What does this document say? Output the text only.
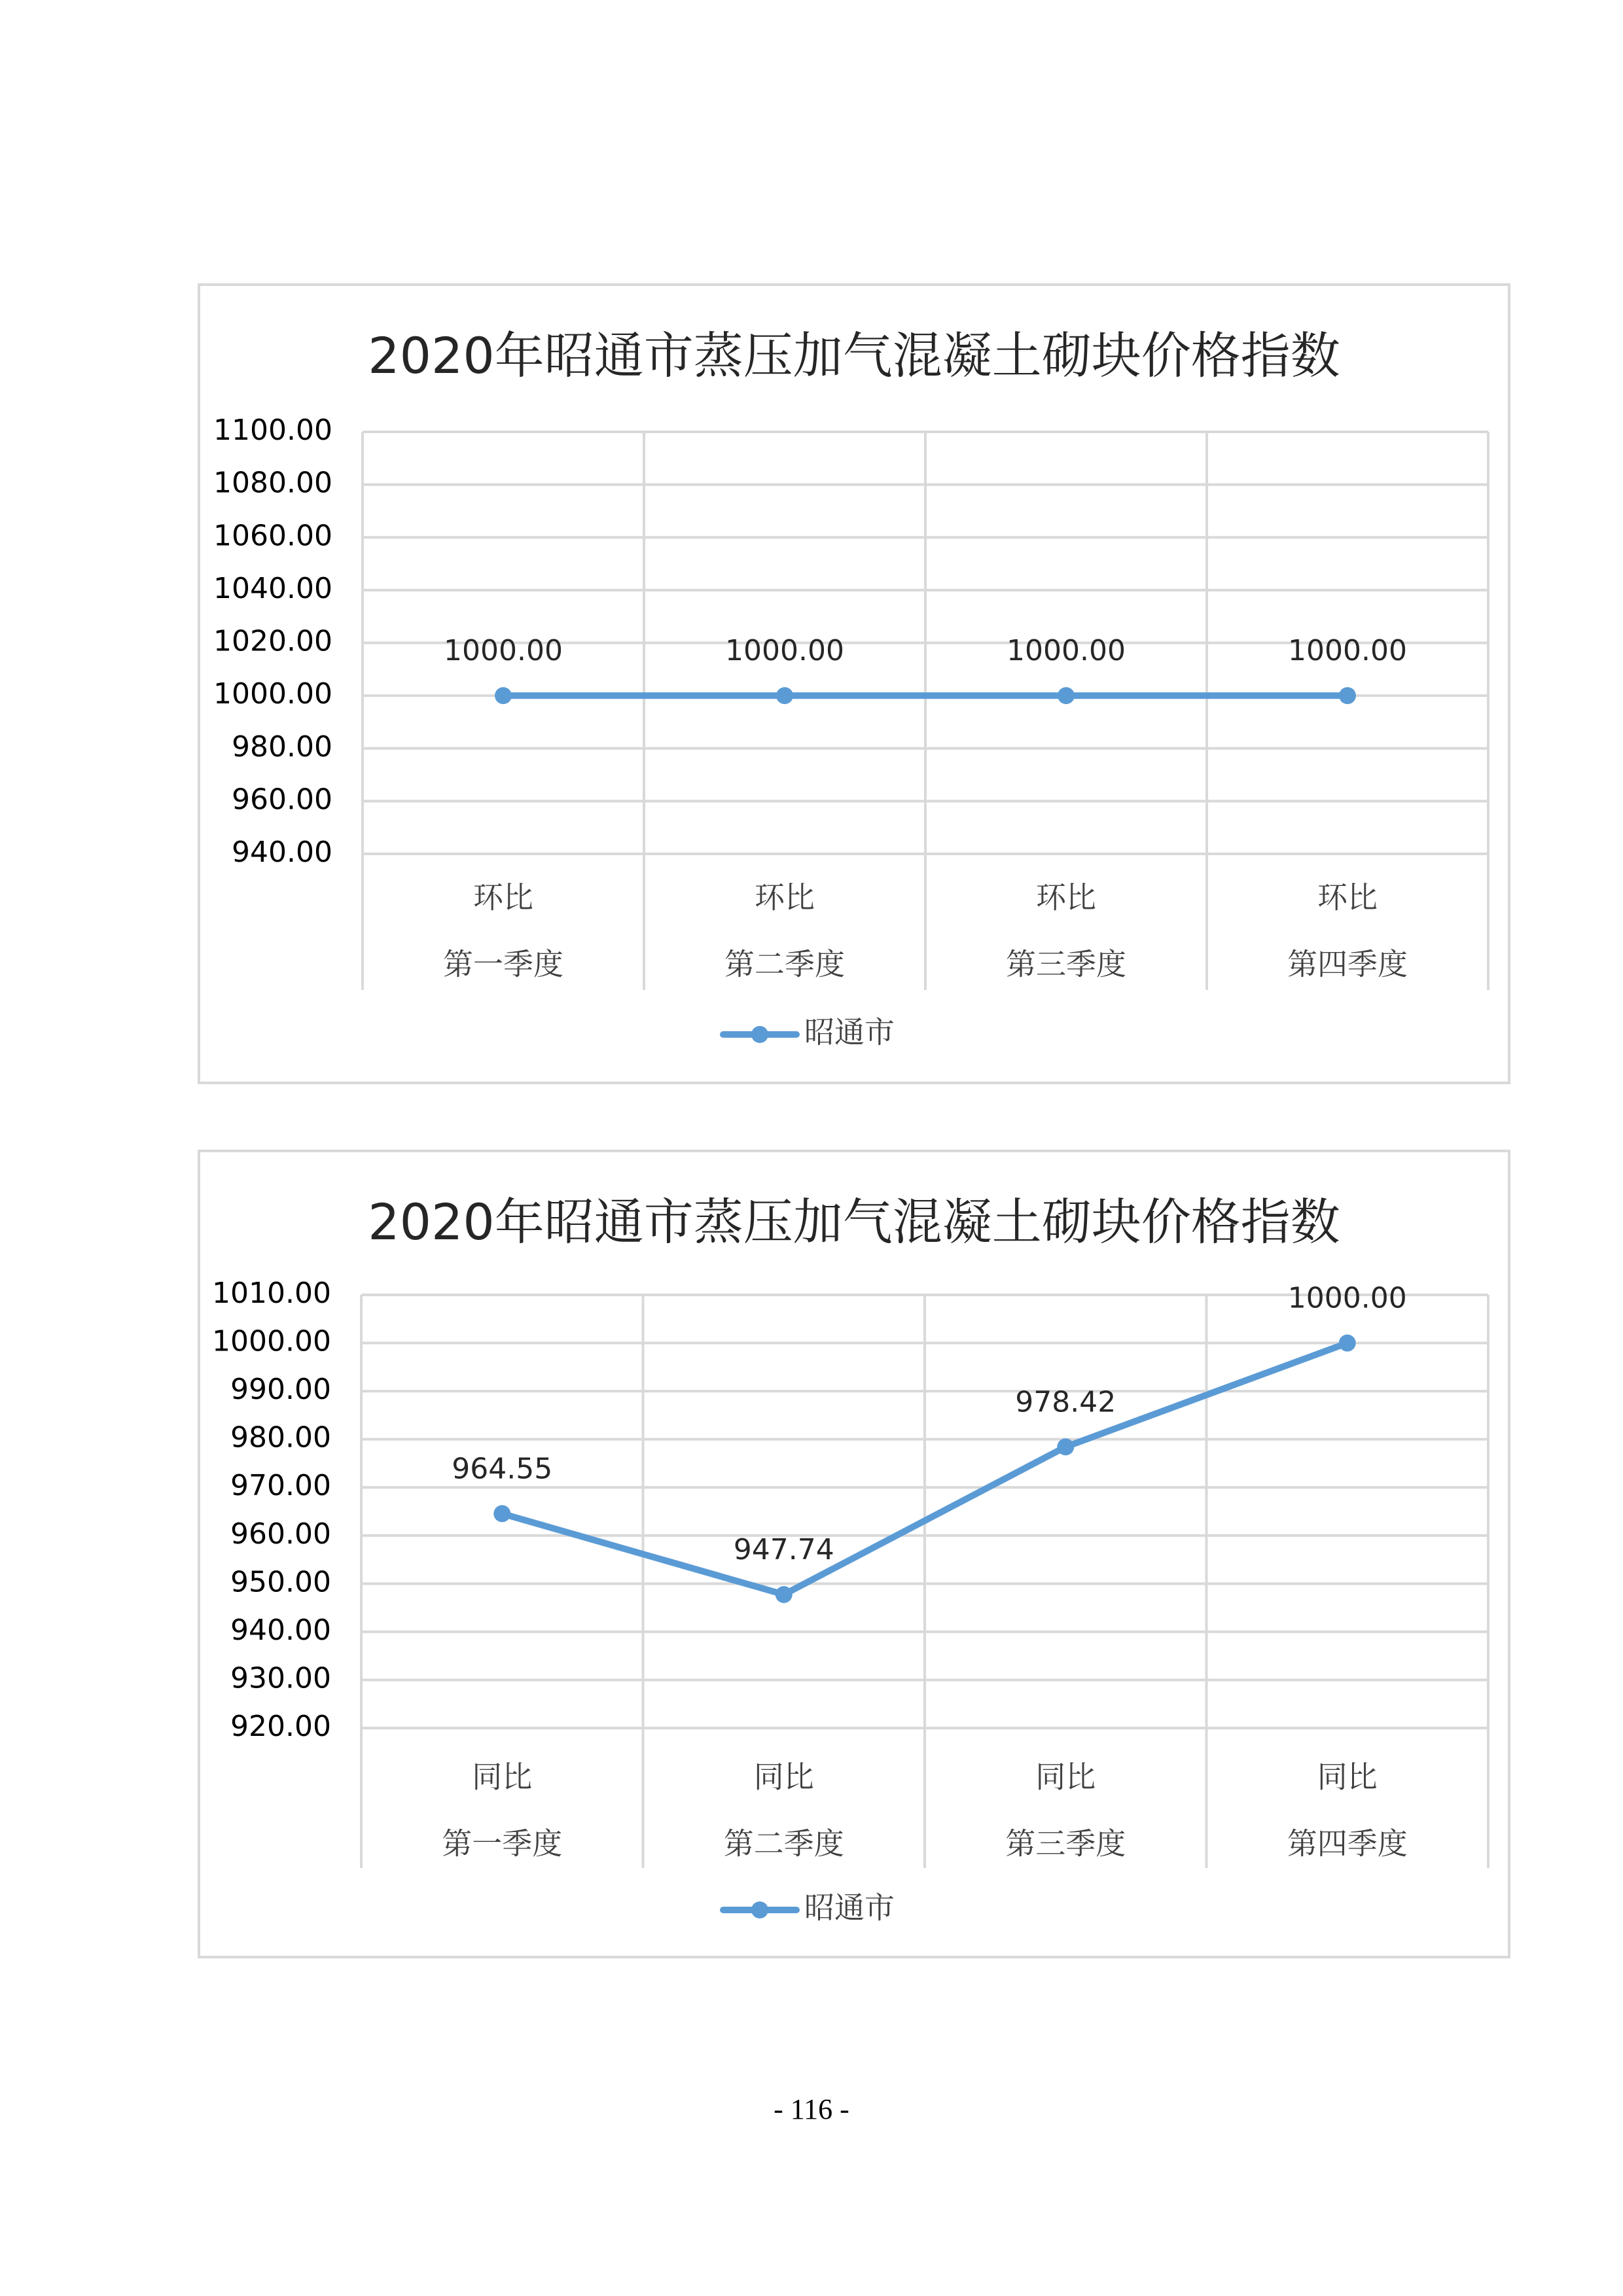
2020年昭通市蒸压加气混凝土砌块价格指数
1100.00
1080.00
1060.00
1040.00
1020.00
1000.00
980.00
960.00
940.00
环比
第一季度
环比
第二季度
环比
第三季度
环比
第四季度
1000.00	1000.00	1000.00	1000.00
昭通市
2020年昭通市蒸压加气混凝土砌块价格指数
1010.00
1000.00
990.00
980.00
970.00
960.00
950.00
940.00
930.00
920.00
同比
第一季度
同比
第二季度
同比
第三季度
同比
第四季度
964.55
947.74
978.42
1000.00
昭通市
- 116 -
